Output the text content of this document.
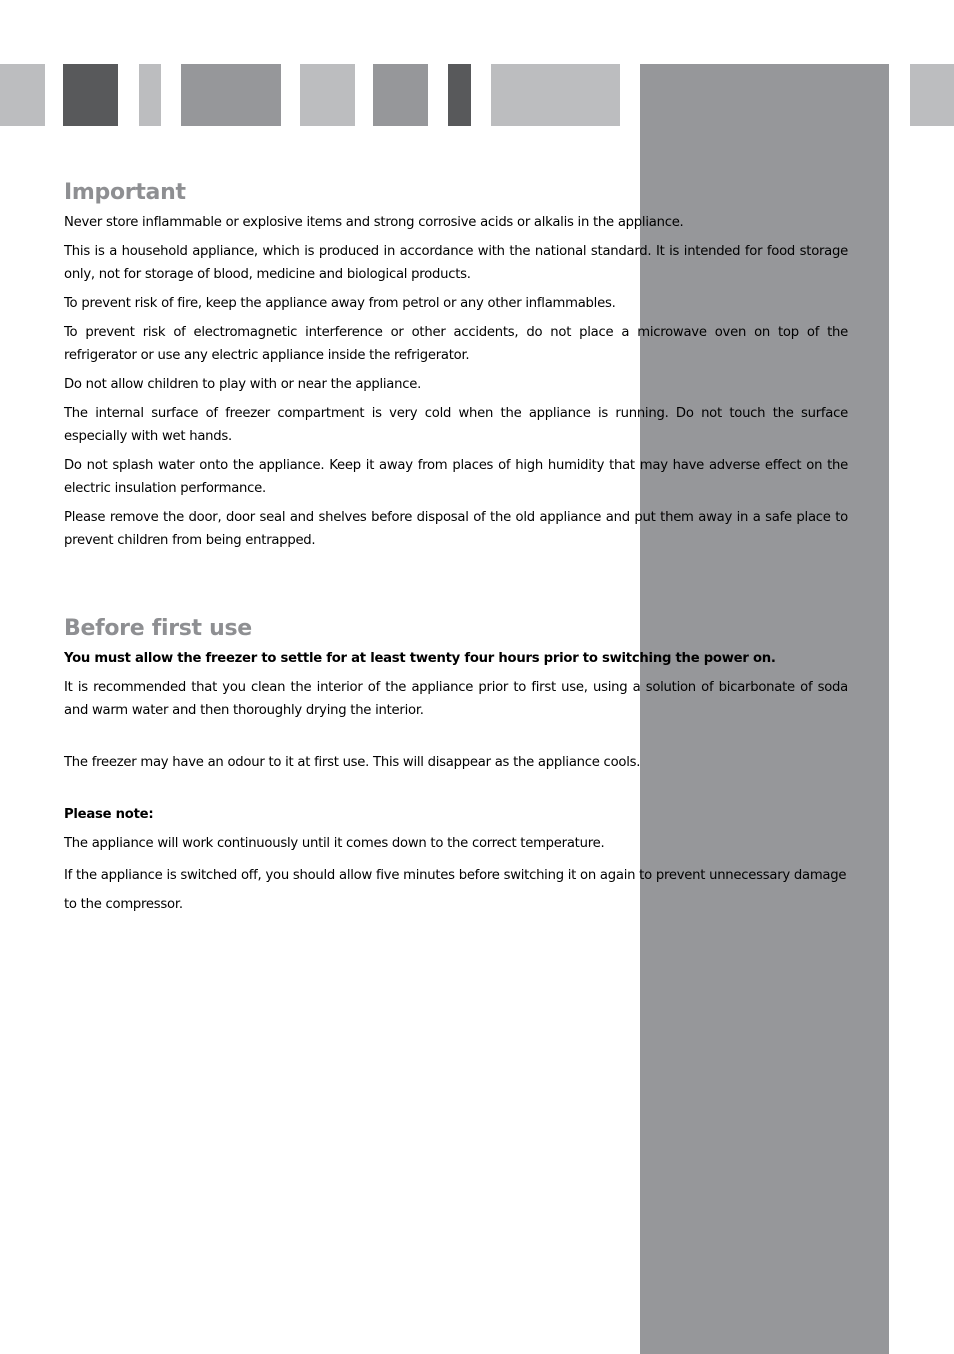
Important

Never store inflammable or explosive items and strong corrosive acids or alkalis in the appliance.

This is a household appliance, which is produced in accordance with the national standard. It is intended for food storage only, not for storage of blood, medicine and biological products.

To prevent risk of fire, keep the appliance away from petrol or any other inflammables.

To prevent risk of electromagnetic interference or other accidents, do not place a microwave oven on top of the refrigerator or use any electric appliance inside the refrigerator.

Do not allow children to play with or near the appliance.

The internal surface of freezer compartment is very cold when the appliance is running. Do not touch the surface especially with wet hands.

Do not splash water onto the appliance. Keep it away from places of high humidity that may have adverse effect on the electric insulation performance.

Please remove the door, door seal and shelves before disposal of the old appliance and put them away in a safe place to prevent children from being entrapped.

Before first use

You must allow the freezer to settle for at least twenty four hours prior to switching the power on.

It is recommended that you clean the interior of the appliance prior to first use, using a solution of bicarbonate of soda and warm water and then thoroughly drying the interior.

The freezer may have an odour to it at first use. This will disappear as the appliance cools.

Please note:

The appliance will work continuously until it comes down to the correct temperature.

If the appliance is switched off, you should allow five minutes before switching it on again to prevent unnecessary damage to the compressor.
